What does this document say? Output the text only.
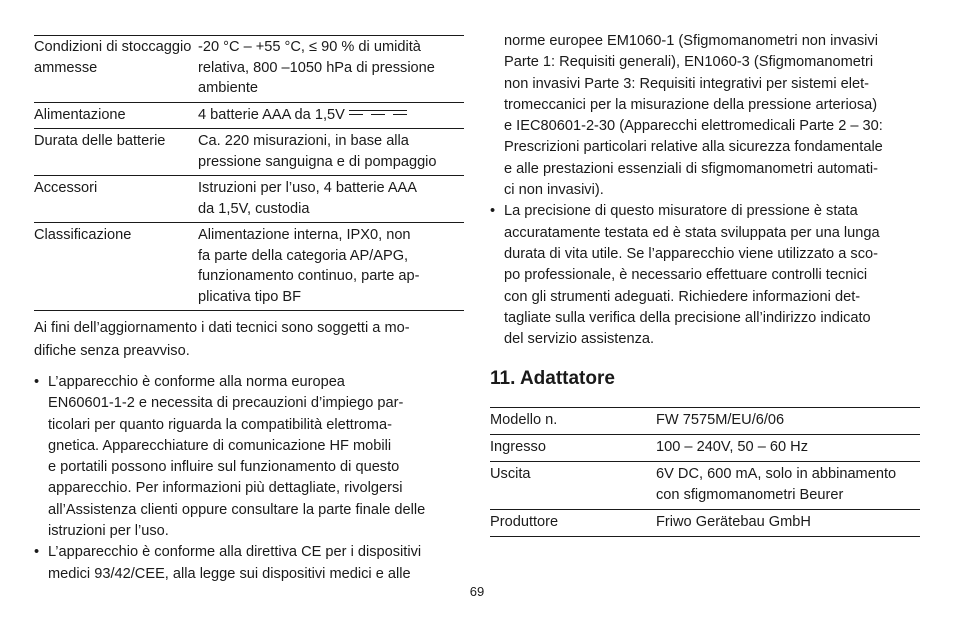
Condizioni di stoccaggio ammesse	-20 °C – +55 °C, ≤ 90 % di umidità
relativa, 800 –1050 hPa di pressione
ambiente
Alimentazione	4 batterie AAA da 1,5V

Durata delle batterie	Ca. 220 misurazioni, in base alla
pressione sanguigna e di pompaggio
Accessori	Istruzioni per l’uso, 4 batterie AAA
da 1,5V, custodia
Classificazione	Alimentazione interna, IPX0, non
fa parte della categoria AP/APG,
funzionamento continuo, parte ap-
plicativa tipo BF

Ai fini dell’aggiornamento i dati tecnici sono soggetti a mo-
difiche senza preavviso.

• L’apparecchio è conforme alla norma europea
EN60601-1-2 e necessita di precauzioni d’impiego par-
ticolari per quanto riguarda la compatibilità elettroma-
gnetica. Apparecchiature di comunicazione HF mobili
e portatili possono influire sul funzionamento di questo
apparecchio. Per informazioni più dettagliate, rivolgersi
all’Assistenza clienti oppure consultare la parte finale delle
istruzioni per l’uso.
• L’apparecchio è conforme alla direttiva CE per i dispositivi
medici 93/42/CEE, alla legge sui dispositivi medici e alle
norme europee EM1060-1 (Sfigmomanometri non invasivi
Parte 1: Requisiti generali), EN1060-3 (Sfigmomanometri
non invasivi Parte 3: Requisiti integrativi per sistemi elet-
tromeccanici per la misurazione della pressione arteriosa)
e IEC80601-2-30 (Apparecchi elettromedicali Parte 2 – 30:
Prescrizioni particolari relative alla sicurezza fondamentale
e alle prestazioni essenziali di sfigmomanometri automati-
ci non invasivi).
• La precisione di questo misuratore di pressione è stata
accuratamente testata ed è stata sviluppata per una lunga
durata di vita utile. Se l’apparecchio viene utilizzato a sco-
po professionale, è necessario effettuare controlli tecnici
con gli strumenti adeguati. Richiedere informazioni det-
tagliate sulla verifica della precisione all’indirizzo indicato
del servizio assistenza.
11. Adattatore
Modello n.	FW 7575M/EU/6/06
Ingresso	100 – 240V, 50 – 60 Hz
Uscita	6V DC, 600 mA, solo in abbinamento
con sfigmomanometri Beurer
Produttore	Friwo Gerätebau GmbH
69
